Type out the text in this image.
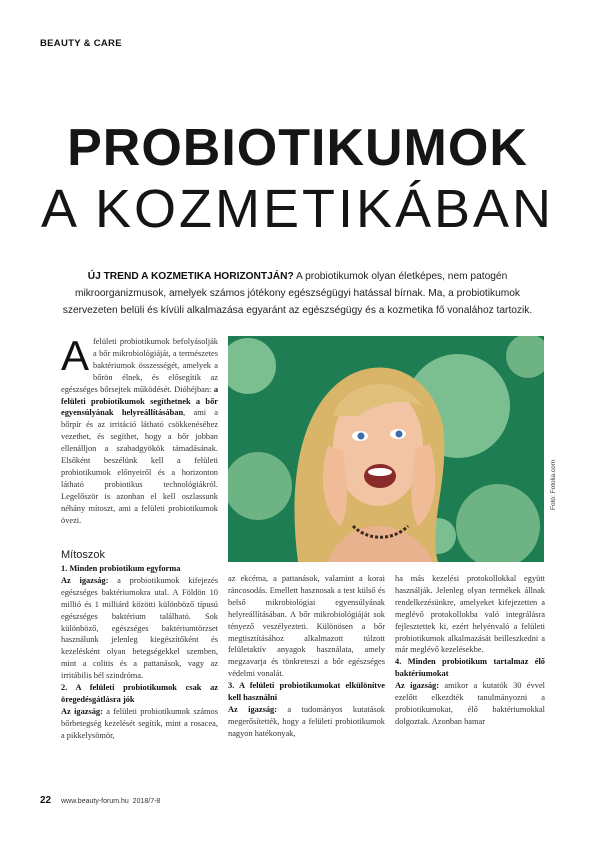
BEAUTY & CARE
PROBIOTIKUMOK
A KOZMETIKÁBAN
ÚJ TREND A KOZMETIKA HORIZONTJÁN? A probiotikumok olyan életképes, nem patogén mikroorganizmusok, amelyek számos jótékony egészségügyi hatással bírnak. Ma, a probiotikumok szervezeten belüli és kívüli alkalmazása egyaránt az egészségügy és a kozmetika fő vonalához tartozik.
Afelületi probiotikumok befolyásolják a bőr mikrobiológiáját, a természetes baktériumok összességét, amelyek a bőrön élnek, és elősegítik az egészséges bőrsejtek működését. Dióhéjban: a felületi probiotikumok segíthetnek a bőr egyensúlyának helyreállításában, ami a bőrpír és az irritáció látható csökkenéséhez vezethet, és segíthet, hogy a bőr jobban ellenálljon a szabadgyökök támadásának. Elsőként beszélünk kell a felületi probiotikumok előnyeiről és a horizonton látható probiotikus technológiákról. Legelőször is azonban el kell oszlassunk néhány mítoszt, ami a felületi probiotikumok övezi.
Fotó: Fotolia.com
Mítoszok

1. Minden probiotikum egyforma

Az igazság: a probiotikumok kifejezés egészséges baktériumokra utal. A Földön 10 millió és 1 milliárd közötti különböző típusú egészséges baktérium található. Sok különböző, egészséges baktériumtörzset használunk jelenleg kiegészítőként és kezelésként olyan betegségekkel szemben, mint a colitis és a pattanások, vagy az irritábilis bél szindróma.

2. A felületi probiotikumok csak az öregedésgátlásra jók

Az igazság: a felületi probiotikumok számos bőrbetegség kezelését segítik, mint a rosacea, a pikkelysömör,

az ekcéma, a pattanások, valamint a korai ráncosodás. Emellett hasznosak a test külső és belső mikrobiológiai egyensúlyának helyreállításában. A bőr mikrobiológiáját sok tényező veszélyezteti. Különösen a bőr megtisztításához alkalmazott túlzott felületaktív anyagok használata, amely megzavarja és tönkreteszi a bőr egészséges védelmi vonalát.

3. A felületi probiotikumokat elkülönítve kell használni

Az igazság: a tudományos kutatások megerősítették, hogy a felületi probiotikumok nagyon hatékonyak,

ha más kezelési protokollokkal együtt használják. Jelenleg olyan termékek állnak rendelkezésünkre, amelyeket kifejezetten a meglévő protokollokba való integrálásra fejlesztettek ki, ezért helyénvaló a felületi probiotikumok alkalmazását beilleszkedni a már meglévő kezelésekbe.

4. Minden probiotikum tartalmaz élő baktériumokat

Az igazság: amikor a kutatók 30 évvel ezelőtt elkezdték tanulmányozni a probiotikumokat, élő baktériumokkal dolgoztak. Azonban hamar

22 www.beauty-forum.hu 2018/7-8
